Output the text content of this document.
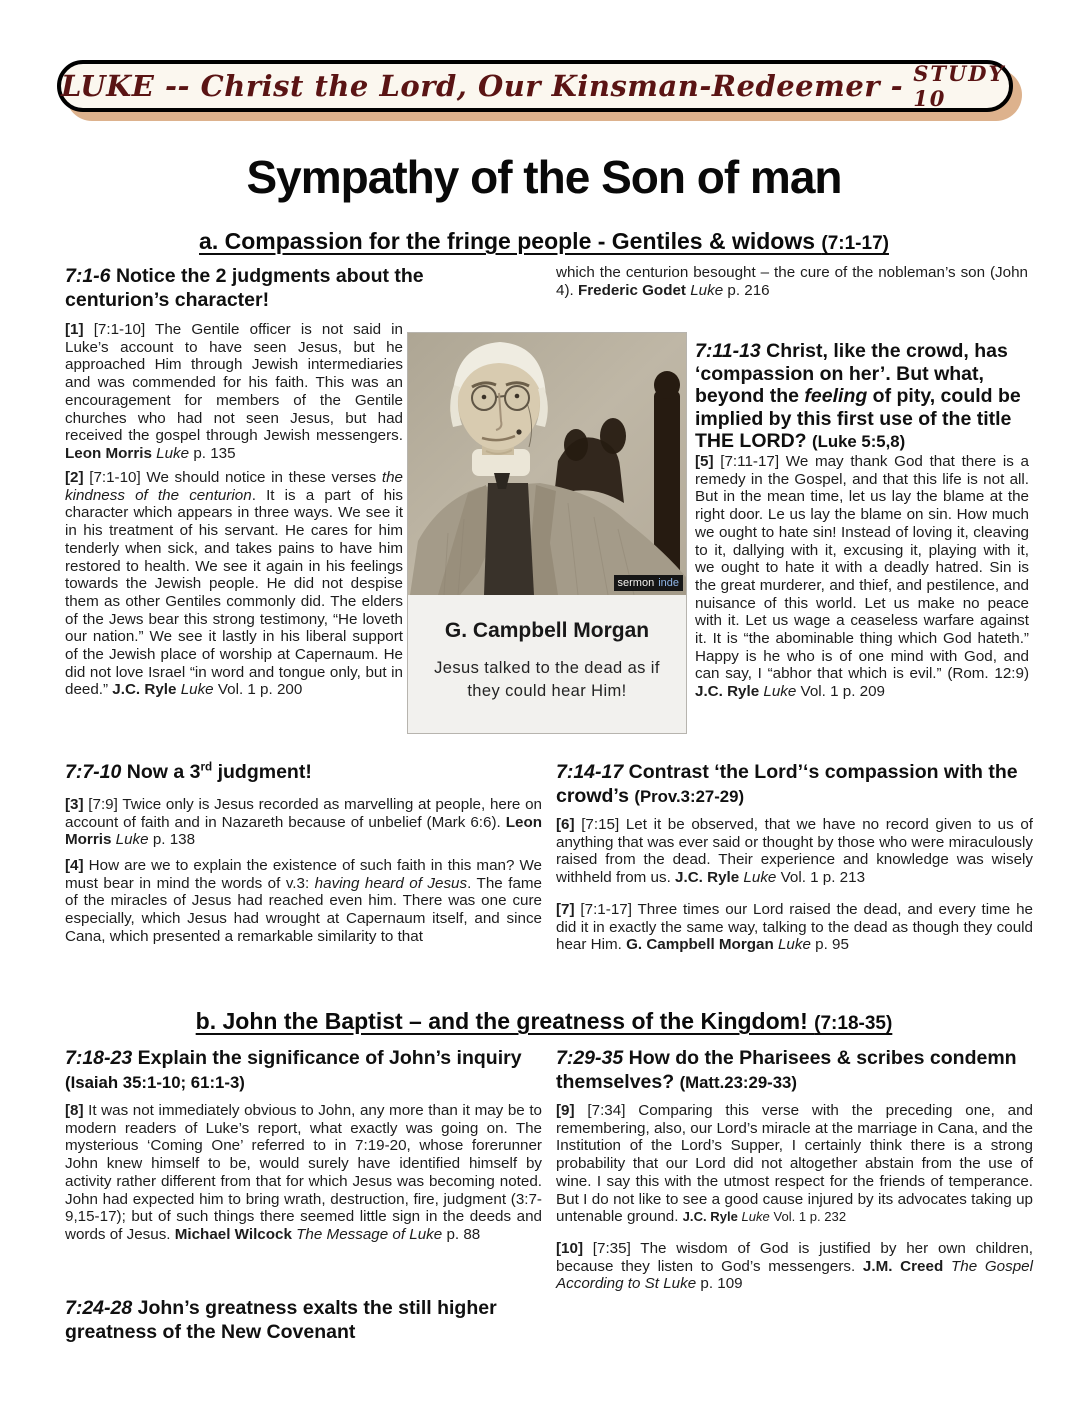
LUKE -- Christ the Lord, Our Kinsman-Redeemer - STUDY 10
Sympathy of the Son of man
a. Compassion for the fringe people - Gentiles & widows (7:1-17)
7:1-6 Notice the 2 judgments about the centurion’s character!
[1] [7:1-10] The Gentile officer is not said in Luke’s account to have seen Jesus, but he approached Him through Jewish intermediaries and was commended for his faith. This was an encouragement for members of the Gentile churches who had not seen Jesus, but had received the gospel through Jewish messengers. Leon Morris Luke p. 135
[2] [7:1-10] We should notice in these verses the kindness of the centurion. It is a part of his character which appears in three ways. We see it in his treatment of his servant. He cares for him tenderly when sick, and takes pains to have him restored to health. We see it again in his feelings towards the Jewish people. He did not despise them as other Gentiles commonly did. The elders of the Jews bear this strong testimony, “He loveth our nation.” We see it lastly in his liberal support of the Jewish place of worship at Capernaum. He did not love Israel “in word and tongue only, but in deed.” J.C. Ryle Luke Vol. 1 p. 200
which the centurion besought – the cure of the nobleman’s son (John 4). Frederic Godet Luke p. 216
sermon inde
G. Campbell Morgan
Jesus talked to the dead as if they could hear Him!
7:11-13 Christ, like the crowd, has ‘compassion on her’. But what, beyond the feeling of pity, could be implied by this first use of the title THE LORD? (Luke 5:5,8)
[5] [7:11-17] We may thank God that there is a remedy in the Gospel, and that this life is not all. But in the mean time, let us lay the blame at the right door. Le us lay the blame on sin. How much we ought to hate sin! Instead of loving it, cleaving to it, dallying with it, excusing it, playing with it, we ought to hate it with a deadly hatred. Sin is the great murderer, and thief, and pestilence, and nuisance of this world. Let us make no peace with it. Let us wage a ceaseless warfare against it. It is “the abominable thing which God hateth.” Happy is he who is of one mind with God, and can say, I “abhor that which is evil.” (Rom. 12:9) J.C. Ryle Luke Vol. 1 p. 209
7:7-10 Now a 3rd judgment!
[3] [7:9] Twice only is Jesus recorded as marvelling at people, here on account of faith and in Nazareth because of unbelief (Mark 6:6). Leon Morris Luke p. 138
[4] How are we to explain the existence of such faith in this man? We must bear in mind the words of v.3: having heard of Jesus. The fame of the miracles of Jesus had reached even him. There was one cure especially, which Jesus had wrought at Capernaum itself, and since Cana, which presented a remarkable similarity to that
7:14-17 Contrast ‘the Lord’‘s compassion with the crowd’s (Prov.3:27-29)
[6] [7:15] Let it be observed, that we have no record given to us of anything that was ever said or thought by those who were miraculously raised from the dead. Their experience and knowledge was wisely withheld from us. J.C. Ryle Luke Vol. 1 p. 213
[7] [7:1-17] Three times our Lord raised the dead, and every time he did it in exactly the same way, talking to the dead as though they could hear Him. G. Campbell Morgan Luke p. 95
b. John the Baptist – and the greatness of the Kingdom! (7:18-35)
7:18-23 Explain the significance of John’s inquiry (Isaiah 35:1-10; 61:1-3)
[8] It was not immediately obvious to John, any more than it may be to modern readers of Luke’s report, what exactly was going on. The mysterious ‘Coming One’ referred to in 7:19-20, whose forerunner John knew himself to be, would surely have identified himself by activity rather different from that for which Jesus was becoming noted. John had expected him to bring wrath, destruction, fire, judgment (3:7-9,15-17); but of such things there seemed little sign in the deeds and words of Jesus. Michael Wilcock The Message of Luke p. 88
7:24-28 John’s greatness exalts the still higher greatness of the New Covenant
7:29-35 How do the Pharisees & scribes condemn themselves? (Matt.23:29-33)
[9] [7:34] Comparing this verse with the preceding one, and remembering, also, our Lord’s miracle at the marriage in Cana, and the Institution of the Lord’s Supper, I certainly think there is a strong probability that our Lord did not altogether abstain from the use of wine. I say this with the utmost respect for the friends of temperance. But I do not like to see a good cause injured by its advocates taking up untenable ground. J.C. Ryle Luke Vol. 1 p. 232
[10] [7:35] The wisdom of God is justified by her own children, because they listen to God’s messengers. J.M. Creed The Gospel According to St Luke p. 109
